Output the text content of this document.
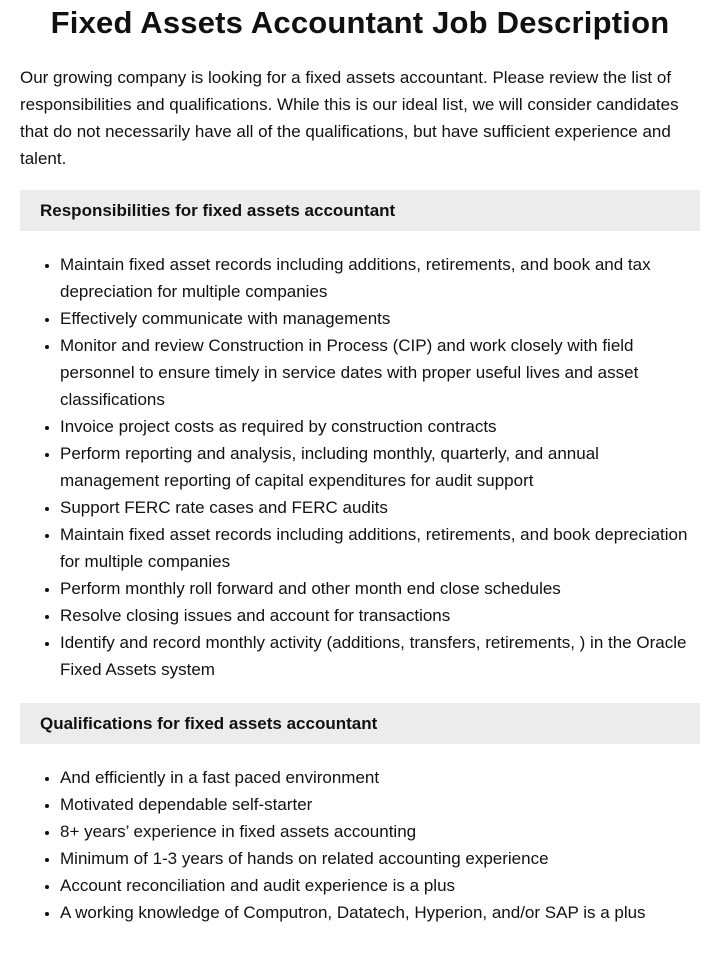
Fixed Assets Accountant Job Description

Our growing company is looking for a fixed assets accountant. Please review the list of responsibilities and qualifications. While this is our ideal list, we will consider candidates that do not necessarily have all of the qualifications, but have sufficient experience and talent.

Responsibilities for fixed assets accountant
• Maintain fixed asset records including additions, retirements, and book and tax depreciation for multiple companies
• Effectively communicate with managements
• Monitor and review Construction in Process (CIP) and work closely with field personnel to ensure timely in service dates with proper useful lives and asset classifications
• Invoice project costs as required by construction contracts
• Perform reporting and analysis, including monthly, quarterly, and annual management reporting of capital expenditures for audit support
• Support FERC rate cases and FERC audits
• Maintain fixed asset records including additions, retirements, and book depreciation for multiple companies
• Perform monthly roll forward and other month end close schedules
• Resolve closing issues and account for transactions
• Identify and record monthly activity (additions, transfers, retirements, ) in the Oracle Fixed Assets system
Qualifications for fixed assets accountant
• And efficiently in a fast paced environment
• Motivated dependable self-starter
• 8+ years’ experience in fixed assets accounting
• Minimum of 1-3 years of hands on related accounting experience
• Account reconciliation and audit experience is a plus
• A working knowledge of Computron, Datatech, Hyperion, and/or SAP is a plus
